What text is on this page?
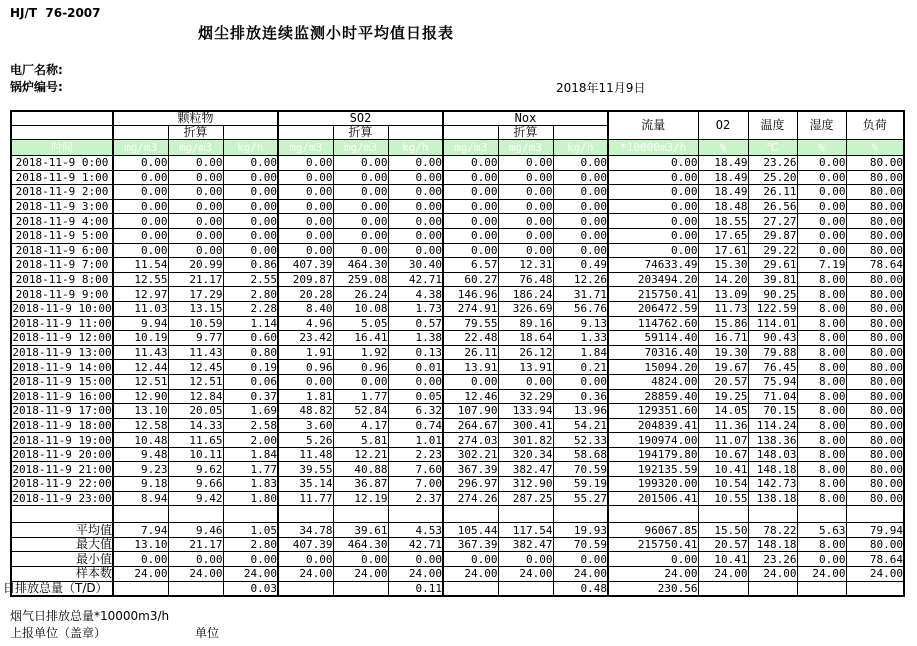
HJ/T  76-2007
烟尘排放连续监测小时平均值日报表
电厂名称:
锅炉编号:	2018年11月9日
	颗粒物			SO2			Nox			流量	O2	温度	湿度	负荷
		折算			折算			折算						
时间	mg/m3	mg/m3	kg/h	mg/m3	mg/m3	kg/h	mg/m3	mg/m3	kg/h	*10000m3/h	%	℃	%	%
2018-11-9 0:00	0.00	0.00	0.00	0.00	0.00	0.00	0.00	0.00	0.00	0.00	18.49	23.26	0.00	80.00
2018-11-9 1:00	0.00	0.00	0.00	0.00	0.00	0.00	0.00	0.00	0.00	0.00	18.49	25.20	0.00	80.00
2018-11-9 2:00	0.00	0.00	0.00	0.00	0.00	0.00	0.00	0.00	0.00	0.00	18.49	26.11	0.00	80.00
2018-11-9 3:00	0.00	0.00	0.00	0.00	0.00	0.00	0.00	0.00	0.00	0.00	18.48	26.56	0.00	80.00
2018-11-9 4:00	0.00	0.00	0.00	0.00	0.00	0.00	0.00	0.00	0.00	0.00	18.55	27.27	0.00	80.00
2018-11-9 5:00	0.00	0.00	0.00	0.00	0.00	0.00	0.00	0.00	0.00	0.00	17.65	29.87	0.00	80.00
2018-11-9 6:00	0.00	0.00	0.00	0.00	0.00	0.00	0.00	0.00	0.00	0.00	17.61	29.22	0.00	80.00
2018-11-9 7:00	11.54	20.99	0.86	407.39	464.30	30.40	6.57	12.31	0.49	74633.49	15.30	29.61	7.19	78.64
2018-11-9 8:00	12.55	21.17	2.55	209.87	259.08	42.71	60.27	76.48	12.26	203494.20	14.20	39.81	8.00	80.00
2018-11-9 9:00	12.97	17.29	2.80	20.28	26.24	4.38	146.96	186.24	31.71	215750.41	13.09	90.25	8.00	80.00
2018-11-9 10:00	11.03	13.15	2.28	8.40	10.08	1.73	274.91	326.69	56.76	206472.59	11.73	122.59	8.00	80.00
2018-11-9 11:00	9.94	10.59	1.14	4.96	5.05	0.57	79.55	89.16	9.13	114762.60	15.86	114.01	8.00	80.00
2018-11-9 12:00	10.19	9.77	0.60	23.42	16.41	1.38	22.48	18.64	1.33	59114.40	16.71	90.43	8.00	80.00
2018-11-9 13:00	11.43	11.43	0.80	1.91	1.92	0.13	26.11	26.12	1.84	70316.40	19.30	79.88	8.00	80.00
2018-11-9 14:00	12.44	12.45	0.19	0.96	0.96	0.01	13.91	13.91	0.21	15094.20	19.67	76.45	8.00	80.00
2018-11-9 15:00	12.51	12.51	0.06	0.00	0.00	0.00	0.00	0.00	0.00	4824.00	20.57	75.94	8.00	80.00
2018-11-9 16:00	12.90	12.84	0.37	1.81	1.77	0.05	12.46	32.29	0.36	28859.40	19.25	71.04	8.00	80.00
2018-11-9 17:00	13.10	20.05	1.69	48.82	52.84	6.32	107.90	133.94	13.96	129351.60	14.05	70.15	8.00	80.00
2018-11-9 18:00	12.58	14.33	2.58	3.60	4.17	0.74	264.67	300.41	54.21	204839.41	11.36	114.24	8.00	80.00
2018-11-9 19:00	10.48	11.65	2.00	5.26	5.81	1.01	274.03	301.82	52.33	190974.00	11.07	138.36	8.00	80.00
2018-11-9 20:00	9.48	10.11	1.84	11.48	12.21	2.23	302.21	320.34	58.68	194179.80	10.67	148.03	8.00	80.00
2018-11-9 21:00	9.23	9.62	1.77	39.55	40.88	7.60	367.39	382.47	70.59	192135.59	10.41	148.18	8.00	80.00
2018-11-9 22:00	9.18	9.66	1.83	35.14	36.87	7.00	296.97	312.90	59.19	199320.00	10.54	142.73	8.00	80.00
2018-11-9 23:00	8.94	9.42	1.80	11.77	12.19	2.37	274.26	287.25	55.27	201506.41	10.55	138.18	8.00	80.00

平均值	7.94	9.46	1.05	34.78	39.61	4.53	105.44	117.54	19.93	96067.85	15.50	78.22	5.63	79.94
最大值	13.10	21.17	2.80	407.39	464.30	42.71	367.39	382.47	70.59	215750.41	20.57	148.18	8.00	80.00
最小值	0.00	0.00	0.00	0.00	0.00	0.00	0.00	0.00	0.00	0.00	10.41	23.26	0.00	78.64
样本数	24.00	24.00	24.00	24.00	24.00	24.00	24.00	24.00	24.00	24.00	24.00	24.00	24.00	24.00
日排放总量（T/D）			0.03			0.11			0.48	230.56				
烟气日排放总量*10000m3/h
上报单位（盖章）	单位
